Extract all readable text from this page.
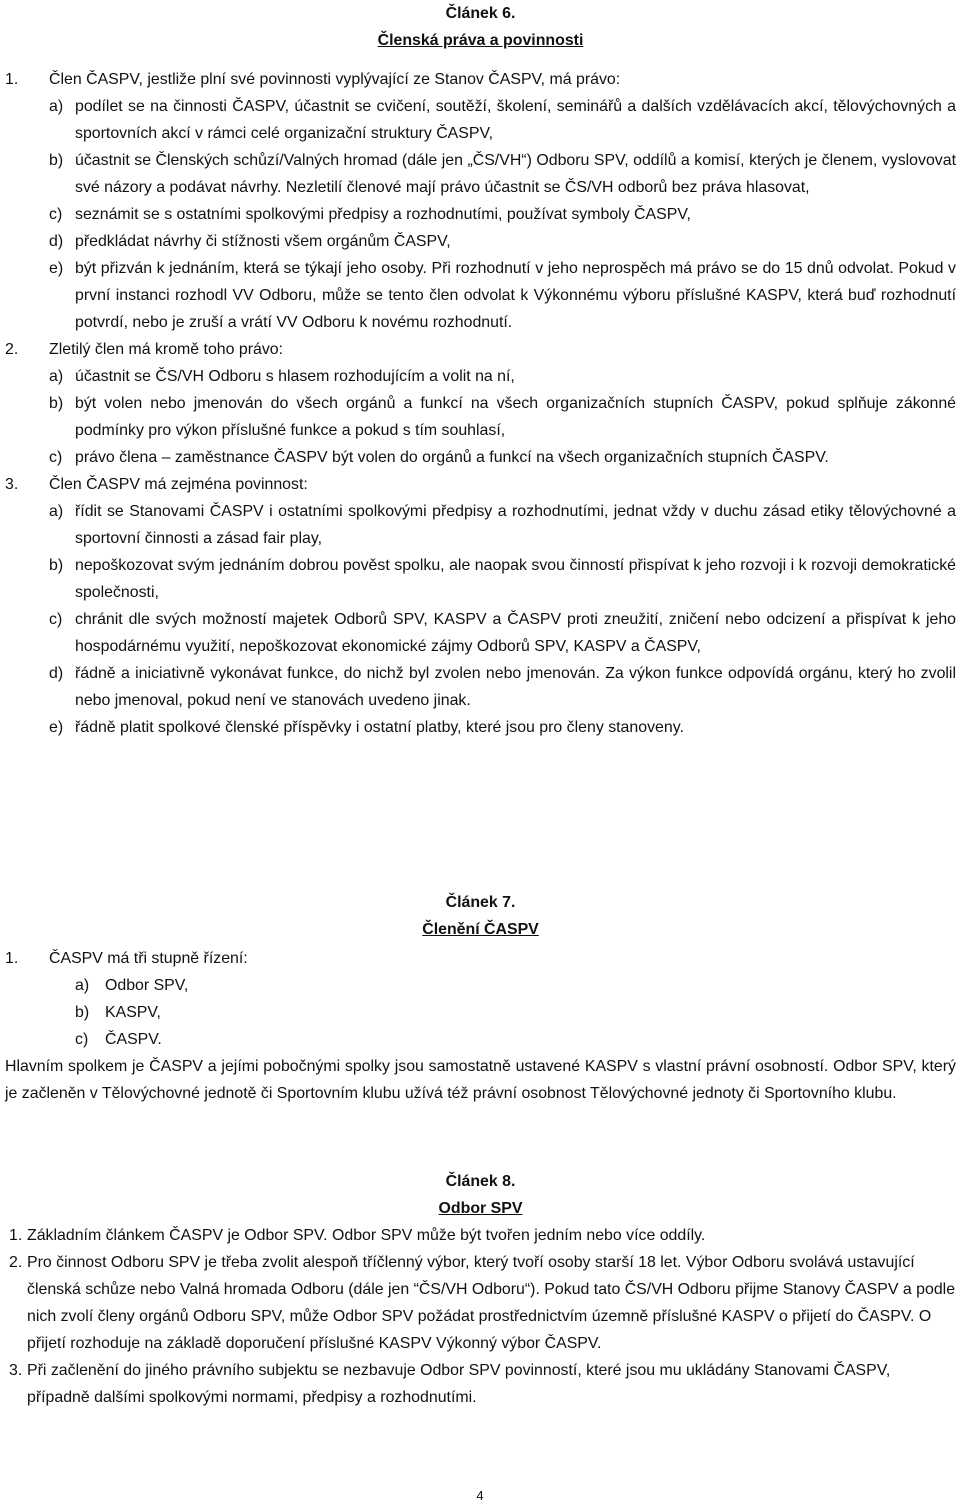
Článek 6.
Členská práva a povinnosti
1.	Člen ČASPV, jestliže plní své povinnosti vyplývající ze Stanov ČASPV, má právo:
a) podílet se na činnosti ČASPV, účastnit se cvičení, soutěží, školení, seminářů a dalších vzdělávacích akcí, tělovýchovných a sportovních akcí v rámci celé organizační struktury ČASPV,
b) účastnit se Členských schůzí/Valných hromad (dále jen „ČS/VH“) Odboru SPV, oddílů a komisí, kterých je členem, vyslovovat své názory a podávat návrhy. Nezletilí členové mají právo účastnit se ČS/VH odborů bez práva hlasovat,
c) seznámit se s ostatními spolkovými předpisy a rozhodnutími, používat symboly ČASPV,
d) předkládat návrhy či stížnosti všem orgánům ČASPV,
e) být přizván k jednáním, která se týkají jeho osoby. Při rozhodnutí v jeho neprospěch má právo se do 15 dnů odvolat. Pokud v první instanci rozhodl VV Odboru, může se tento člen odvolat k Výkonnému výboru příslušné KASPV, která buď rozhodnutí potvrdí, nebo je zruší a vrátí VV Odboru k novému rozhodnutí.
2.	Zletilý člen má kromě toho právo:
a) účastnit se ČS/VH Odboru s hlasem rozhodujícím a volit na ní,
b) být volen nebo jmenován do všech orgánů a funkcí na všech organizačních stupních ČASPV, pokud splňuje zákonné podmínky pro výkon příslušné funkce a pokud s tím souhlasí,
c) právo člena – zaměstnance ČASPV být volen do orgánů a funkcí na všech organizačních stupních ČASPV.
3.	Člen ČASPV má zejména povinnost:
a) řídit se Stanovami ČASPV i ostatními spolkovými předpisy a rozhodnutími, jednat vždy v duchu zásad etiky tělovýchovné a sportovní činnosti a zásad fair play,
b) nepoškozovat svým jednáním dobrou pověst spolku, ale naopak svou činností přispívat k jeho rozvoji i k rozvoji demokratické společnosti,
c) chránit dle svých možností majetek Odborů SPV, KASPV a ČASPV proti zneužití, zničení nebo odcizení a přispívat k jeho hospodárnému využití, nepoškozovat ekonomické zájmy Odborů SPV, KASPV a ČASPV,
d) řádně a iniciativně vykonávat funkce, do nichž byl zvolen nebo jmenován. Za výkon funkce odpovídá orgánu, který ho zvolil nebo jmenoval, pokud není ve stanovách uvedeno jinak.
e) řádně platit spolkové členské příspěvky i ostatní platby, které jsou pro členy stanoveny.
Článek 7.
Členění ČASPV
1.	ČASPV má tři stupně řízení:
a) Odbor SPV,
b) KASPV,
c) ČASPV.
Hlavním spolkem je ČASPV a jejími pobočnými spolky jsou samostatně ustavené KASPV s vlastní právní osobností. Odbor SPV, který je začleněn v Tělovýchovné jednotě či Sportovním klubu užívá též právní osobnost Tělovýchovné jednoty či Sportovního klubu.
Článek 8.
Odbor SPV
1. Základním článkem ČASPV je Odbor SPV. Odbor SPV může být tvořen jedním nebo více oddíly.
2. Pro činnost Odboru SPV je třeba zvolit alespoň tříčlenný výbor, který tvoří osoby starší 18 let. Výbor Odboru svolává ustavující členská schůze nebo Valná hromada Odboru (dále jen “ČS/VH Odboru“). Pokud tato ČS/VH Odboru přijme Stanovy ČASPV a podle nich zvolí členy orgánů Odboru SPV, může Odbor SPV požádat prostřednictvím územně příslušné KASPV o přijetí do ČASPV. O přijetí rozhoduje na základě doporučení příslušné KASPV Výkonný výbor ČASPV.
3. Při začlenění do jiného právního subjektu se nezbavuje Odbor SPV povinností, které jsou mu ukládány Stanovami ČASPV, případně dalšími spolkovými normami, předpisy a rozhodnutími.
4
